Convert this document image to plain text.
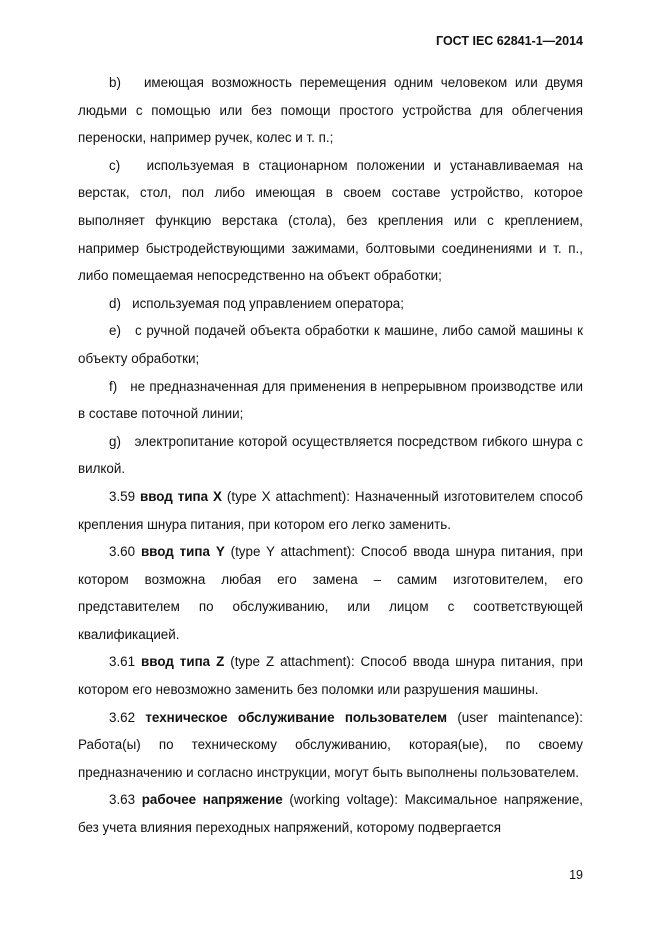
ГОСТ IEC 62841-1—2014

b) имеющая возможность перемещения одним человеком или двумя людьми с помощью или без помощи простого устройства для облегчения переноски, например ручек, колес и т. п.;

c) используемая в стационарном положении и устанавливаемая на верстак, стол, пол либо имеющая в своем составе устройство, которое выполняет функцию верстака (стола), без крепления или с креплением, например быстродействующими зажимами, болтовыми соединениями и т. п., либо помещаемая непосредственно на объект обработки;

d) используемая под управлением оператора;

e) с ручной подачей объекта обработки к машине, либо самой машины к объекту обработки;

f) не предназначенная для применения в непрерывном производстве или в составе поточной линии;

g) электропитание которой осуществляется посредством гибкого шнура с вилкой.

3.59 ввод типа X (type X attachment): Назначенный изготовителем способ крепления шнура питания, при котором его легко заменить.

3.60 ввод типа Y (type Y attachment): Способ ввода шнура питания, при котором возможна любая его замена – самим изготовителем, его представителем по обслуживанию, или лицом с соответствующей квалификацией.

3.61 ввод типа Z (type Z attachment): Способ ввода шнура питания, при котором его невозможно заменить без поломки или разрушения машины.

3.62 техническое обслуживание пользователем (user maintenance): Работа(ы) по техническому обслуживанию, которая(ые), по своему предназначению и согласно инструкции, могут быть выполнены пользователем.

3.63 рабочее напряжение (working voltage): Максимальное напряжение, без учета влияния переходных напряжений, которому подвергается

19
